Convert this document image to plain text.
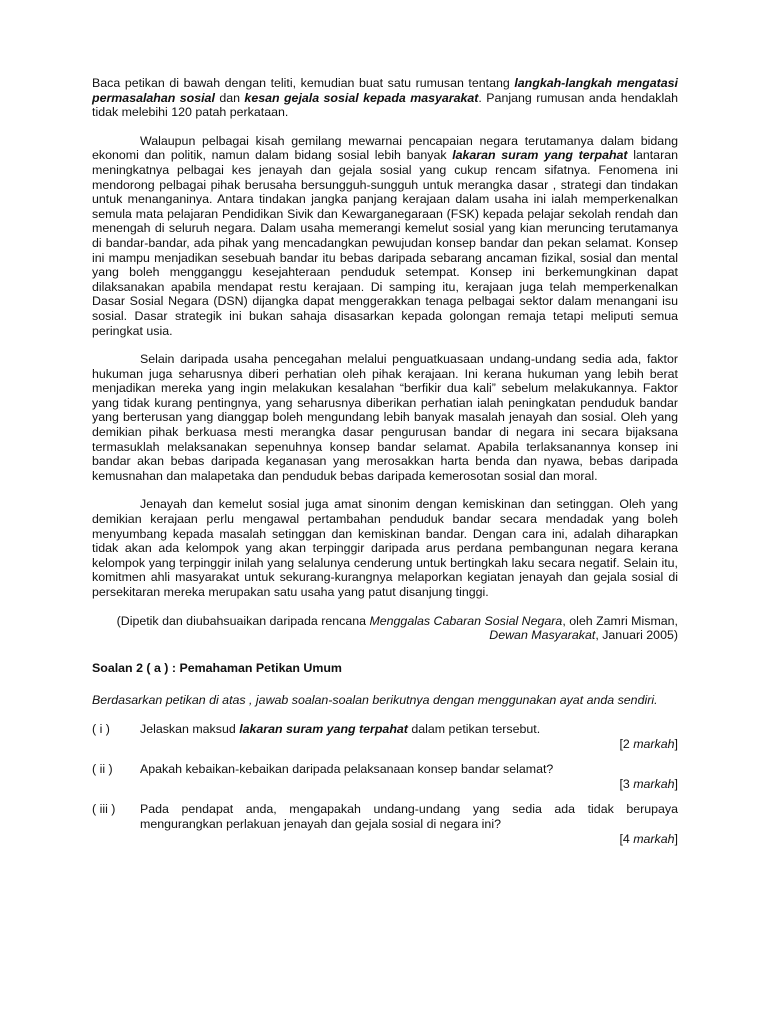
Baca petikan di bawah dengan teliti, kemudian buat satu rumusan tentang langkah-langkah mengatasi permasalahan sosial dan kesan gejala sosial kepada masyarakat. Panjang rumusan anda hendaklah tidak melebihi 120 patah perkataan.

Walaupun pelbagai kisah gemilang mewarnai pencapaian negara terutamanya dalam bidang ekonomi dan politik, namun dalam bidang sosial lebih banyak lakaran suram yang terpahat lantaran meningkatnya pelbagai kes jenayah dan gejala sosial yang cukup rencam sifatnya. Fenomena ini mendorong pelbagai pihak berusaha bersungguh-sungguh untuk merangka dasar , strategi dan tindakan untuk menanganinya. Antara tindakan jangka panjang kerajaan dalam usaha ini ialah memperkenalkan semula mata pelajaran Pendidikan Sivik dan Kewarganegaraan (FSK) kepada pelajar sekolah rendah dan menengah di seluruh negara. Dalam usaha memerangi kemelut sosial yang kian meruncing terutamanya di bandar-bandar, ada pihak yang mencadangkan pewujudan konsep bandar dan pekan selamat. Konsep ini mampu menjadikan sesebuah bandar itu bebas daripada sebarang ancaman fizikal, sosial dan mental yang boleh mengganggu kesejahteraan penduduk setempat. Konsep ini berkemungkinan dapat dilaksanakan apabila mendapat restu kerajaan. Di samping itu, kerajaan juga telah memperkenalkan Dasar Sosial Negara (DSN) dijangka dapat menggerakkan tenaga pelbagai sektor dalam menangani isu sosial. Dasar strategik ini bukan sahaja disasarkan kepada golongan remaja tetapi meliputi semua peringkat usia.

Selain daripada usaha pencegahan melalui penguatkuasaan undang-undang sedia ada, faktor hukuman juga seharusnya diberi perhatian oleh pihak kerajaan. Ini kerana hukuman yang lebih berat menjadikan mereka yang ingin melakukan kesalahan “berfikir dua kali” sebelum melakukannya. Faktor yang tidak kurang pentingnya, yang seharusnya diberikan perhatian ialah peningkatan penduduk bandar yang berterusan yang dianggap boleh mengundang lebih banyak masalah jenayah dan sosial. Oleh yang demikian pihak berkuasa mesti merangka dasar pengurusan bandar di negara ini secara bijaksana termasuklah melaksanakan sepenuhnya konsep bandar selamat. Apabila terlaksanannya konsep ini bandar akan bebas daripada keganasan yang merosakkan harta benda dan nyawa, bebas daripada kemusnahan dan malapetaka dan penduduk bebas daripada kemerosotan sosial dan moral.

Jenayah dan kemelut sosial juga amat sinonim dengan kemiskinan dan setinggan. Oleh yang demikian kerajaan perlu mengawal pertambahan penduduk bandar secara mendadak yang boleh menyumbang kepada masalah setinggan dan kemiskinan bandar. Dengan cara ini, adalah diharapkan tidak akan ada kelompok yang akan terpinggir daripada arus perdana pembangunan negara kerana kelompok yang terpinggir inilah yang selalunya cenderung untuk bertingkah laku secara negatif. Selain itu, komitmen ahli masyarakat untuk sekurang-kurangnya melaporkan kegiatan jenayah dan gejala sosial di persekitaran mereka merupakan satu usaha yang patut disanjung tinggi.

(Dipetik dan diubahsuaikan daripada rencana Menggalas Cabaran Sosial Negara, oleh Zamri Misman, Dewan Masyarakat, Januari 2005)

Soalan 2 ( a ) : Pemahaman Petikan Umum

Berdasarkan petikan di atas , jawab soalan-soalan berikutnya dengan menggunakan ayat anda sendiri.

( i )	Jelaskan maksud lakaran suram yang terpahat dalam petikan tersebut.

[2 markah]

( ii )	Apakah kebaikan-kebaikan daripada pelaksanaan konsep bandar selamat?

[3 markah]

( iii )	Pada pendapat anda, mengapakah undang-undang yang sedia ada tidak berupaya mengurangkan perlakuan jenayah dan gejala sosial di negara ini?

[4 markah]
